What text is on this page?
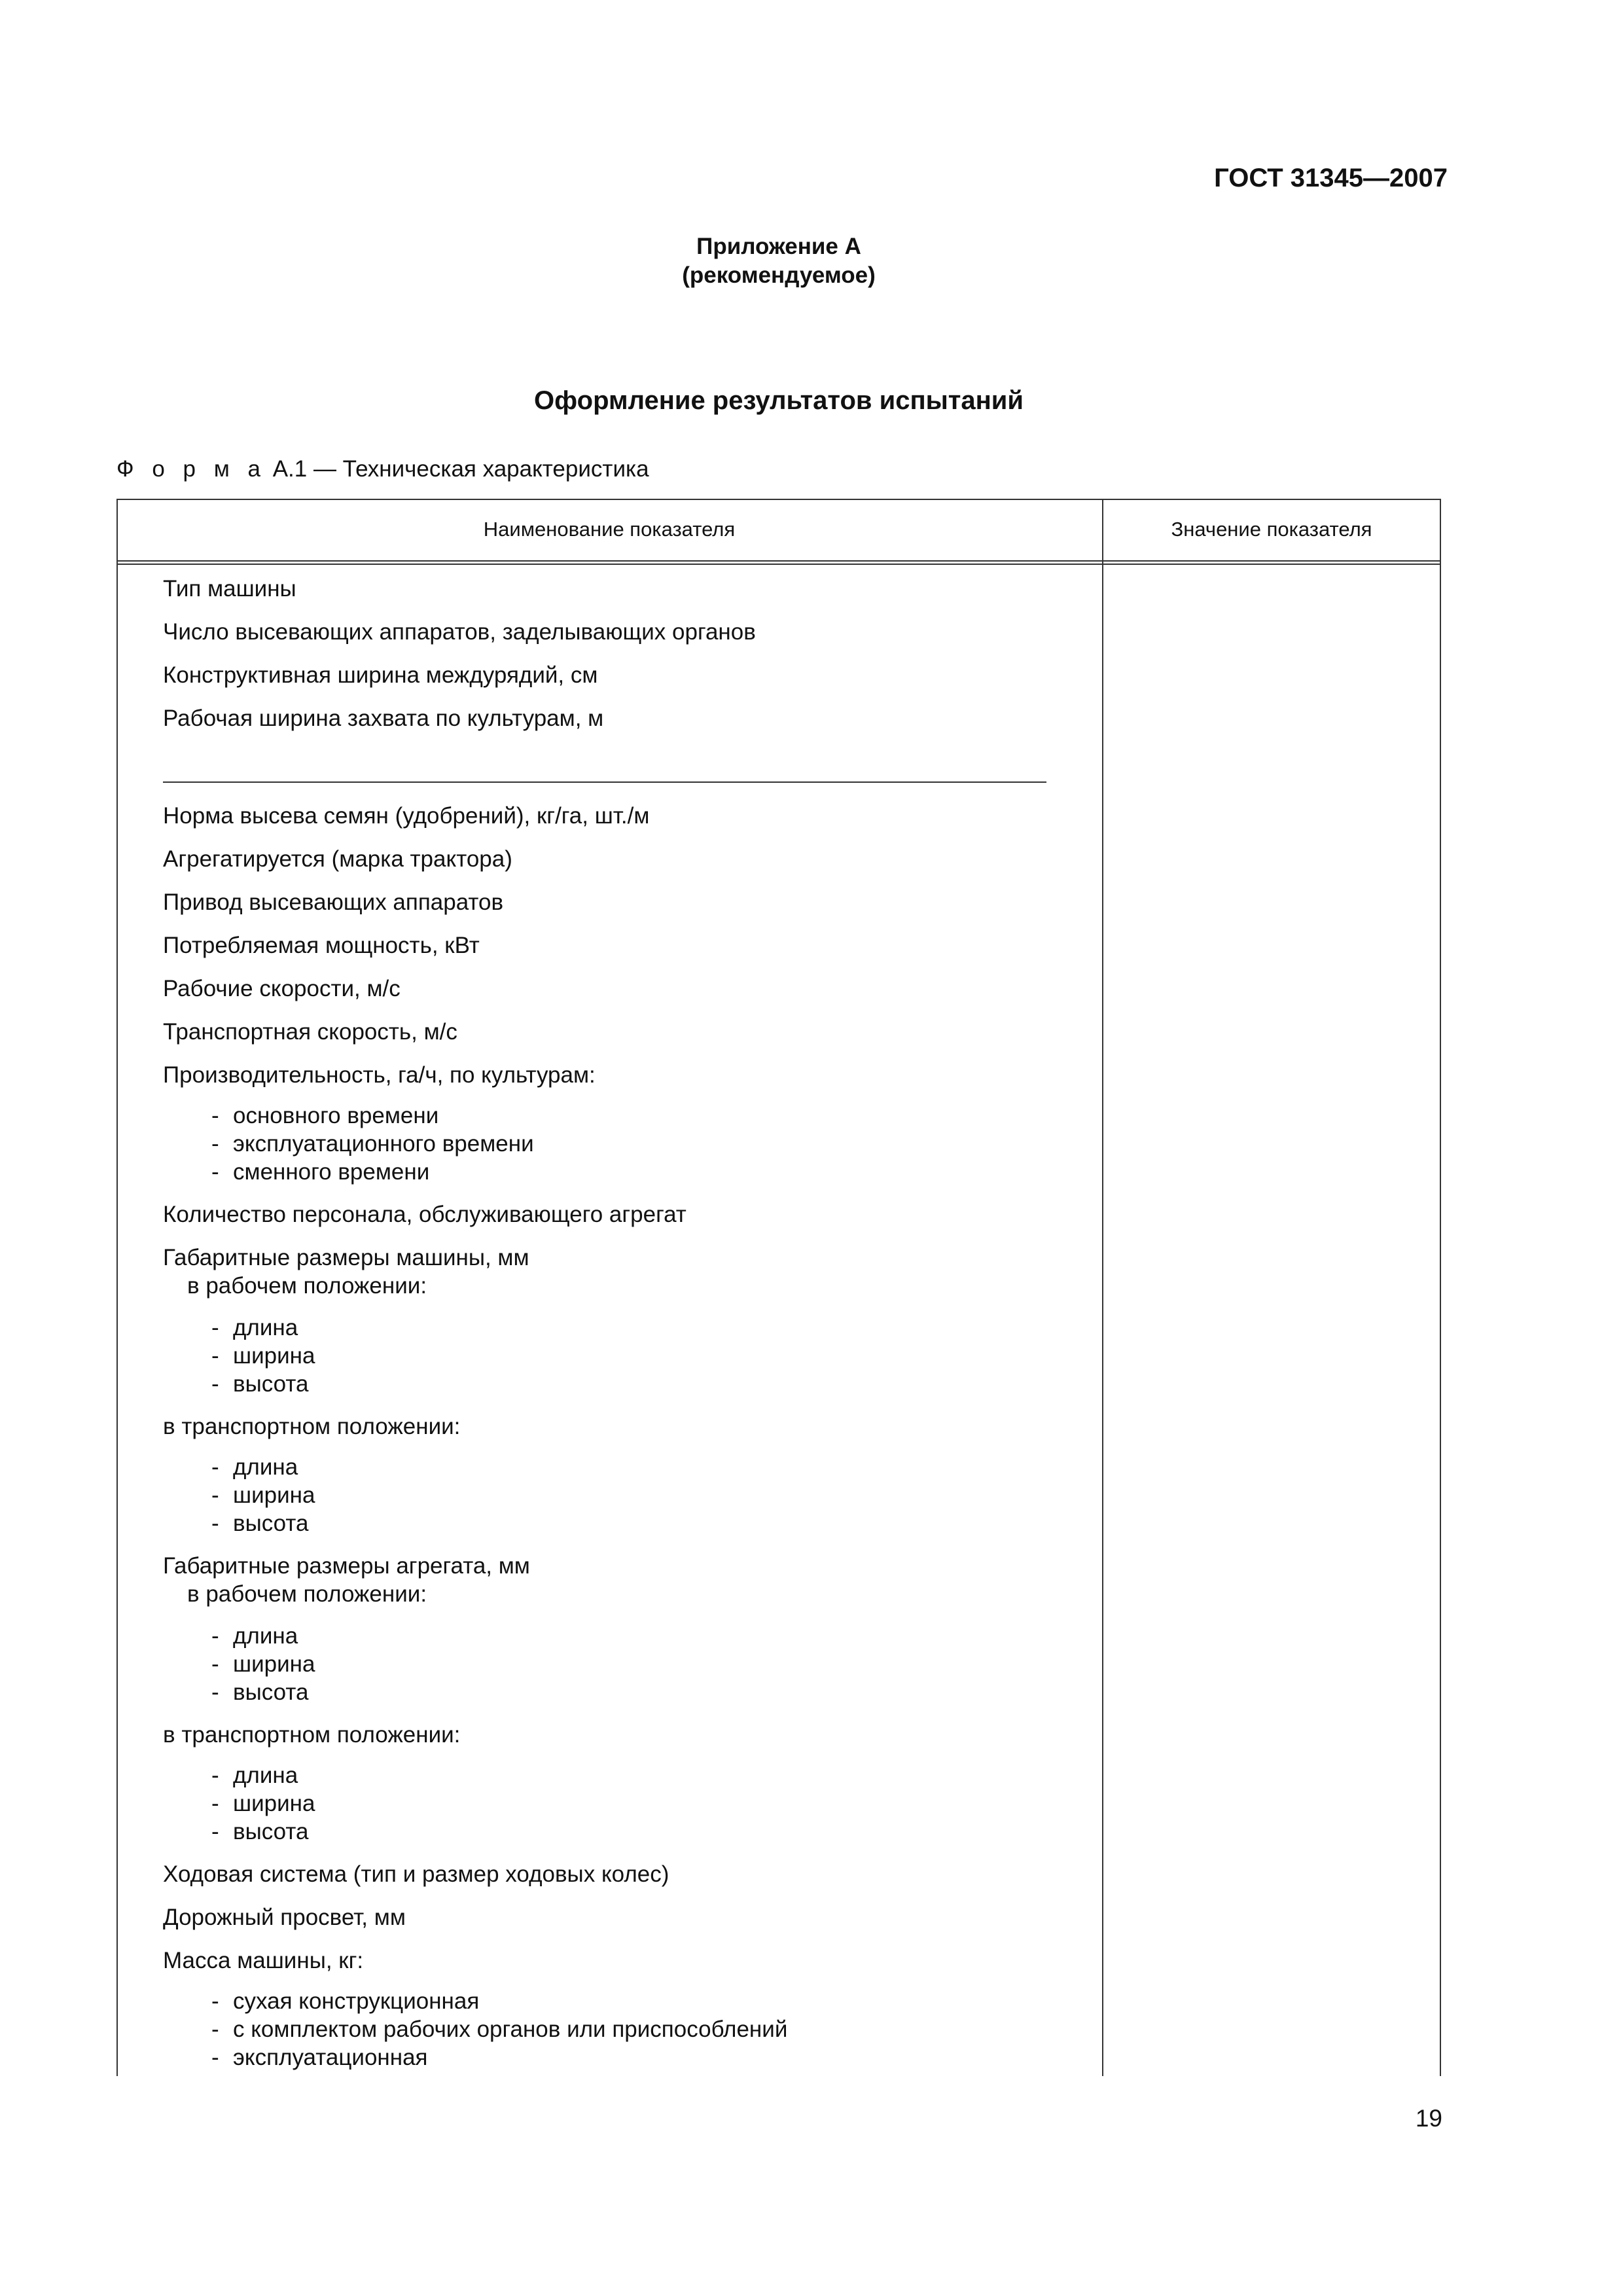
ГОСТ 31345—2007
Приложение А
(рекомендуемое)
Оформление результатов испытаний
Ф о р м а А.1 — Техническая характеристика
Наименование показателя	Значение показателя
Тип машины
Число высевающих аппаратов, заделывающих органов
Конструктивная ширина междурядий, см
Рабочая ширина захвата по культурам, м
Норма высева семян (удобрений), кг/га, шт./м
Агрегатируется (марка трактора)
Привод высевающих аппаратов
Потребляемая мощность, кВт
Рабочие скорости, м/с
Транспортная скорость, м/с
Производительность, га/ч, по культурам:
- основного времени
- эксплуатационного времени
- сменного времени
Количество персонала, обслуживающего агрегат
Габаритные размеры машины, мм
в рабочем положении:
- длина
- ширина
- высота
в транспортном положении:
- длина
- ширина
- высота
Габаритные размеры агрегата, мм
в рабочем положении:
- длина
- ширина
- высота
в транспортном положении:
- длина
- ширина
- высота
Ходовая система (тип и размер ходовых колес)
Дорожный просвет, мм
Масса машины, кг:
- сухая конструкционная
- с комплектом рабочих органов или приспособлений
- эксплуатационная
19
